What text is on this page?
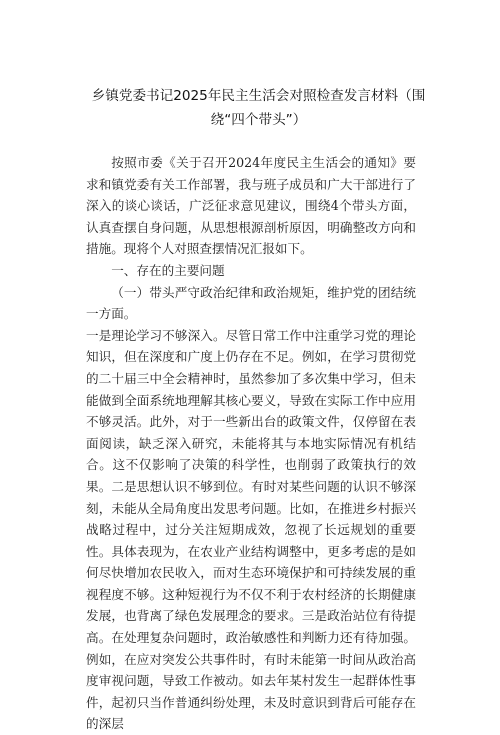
乡镇党委书记2025年民主生活会对照检查发言材料（围绕“四个带头”）

按照市委《关于召开2024年度民主生活会的通知》要求和镇党委有关工作部署，我与班子成员和广大干部进行了深入的谈心谈话，广泛征求意见建议，围绕4个带头方面，认真查摆自身问题，从思想根源剖析原因，明确整改方向和措施。现将个人对照查摆情况汇报如下。

一、存在的主要问题

（一）带头严守政治纪律和政治规矩，维护党的团结统一方面。

一是理论学习不够深入。尽管日常工作中注重学习党的理论知识，但在深度和广度上仍存在不足。例如，在学习贯彻党的二十届三中全会精神时，虽然参加了多次集中学习，但未能做到全面系统地理解其核心要义，导致在实际工作中应用不够灵活。此外，对于一些新出台的政策文件，仅停留在表面阅读，缺乏深入研究，未能将其与本地实际情况有机结合。这不仅影响了决策的科学性，也削弱了政策执行的效果。二是思想认识不够到位。有时对某些问题的认识不够深刻，未能从全局角度出发思考问题。比如，在推进乡村振兴战略过程中，过分关注短期成效，忽视了长远规划的重要性。具体表现为，在农业产业结构调整中，更多考虑的是如何尽快增加农民收入，而对生态环境保护和可持续发展的重视程度不够。这种短视行为不仅不利于农村经济的长期健康发展，也背离了绿色发展理念的要求。三是政治站位有待提高。在处理复杂问题时，政治敏感性和判断力还有待加强。例如，在应对突发公共事件时，有时未能第一时间从政治高度审视问题，导致工作被动。如去年某村发生一起群体性事件，起初只当作普通纠纷处理，未及时意识到背后可能存在的深层
